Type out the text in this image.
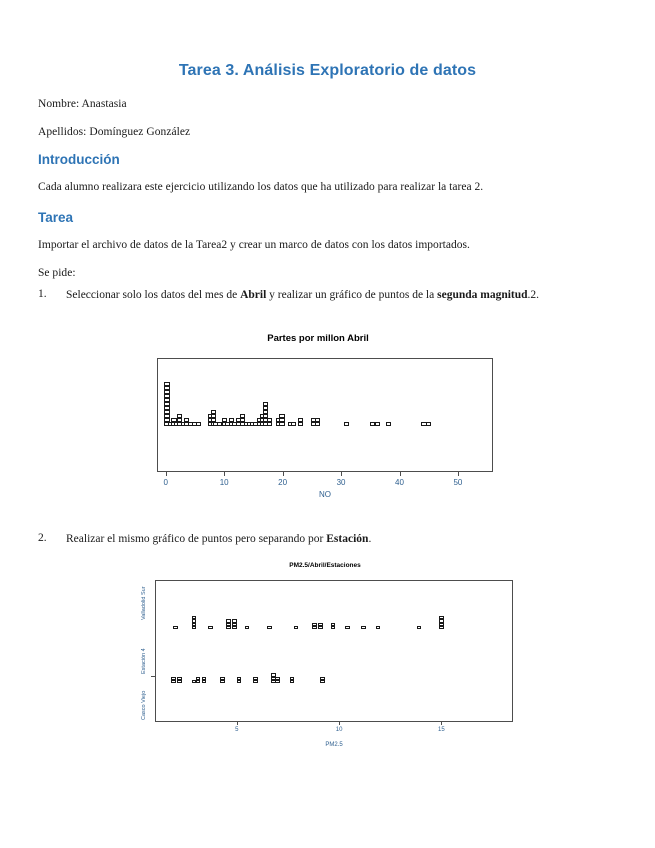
Tarea 3. Análisis Exploratorio de datos
Nombre: Anastasia
Apellidos: Domínguez González
Introducción
Cada alumno realizara este ejercicio utilizando los datos que ha utilizado para realizar la tarea 2.
Tarea
Importar el archivo de datos de la Tarea2 y crear un marco de datos con los datos importados.
Se pide:
1.	Seleccionar solo los datos del mes de Abril y realizar un gráfico de puntos de la segunda magnitud.2.
Partes por millon Abril
NO
0	10	20	30	40	50
2.	Realizar el mismo gráfico de puntos pero separando por Estación.
PM2.5/Abril/Estaciones
PM2.5
Valladolid Sur
Estación 4
Casco Viejo
5	10	15
